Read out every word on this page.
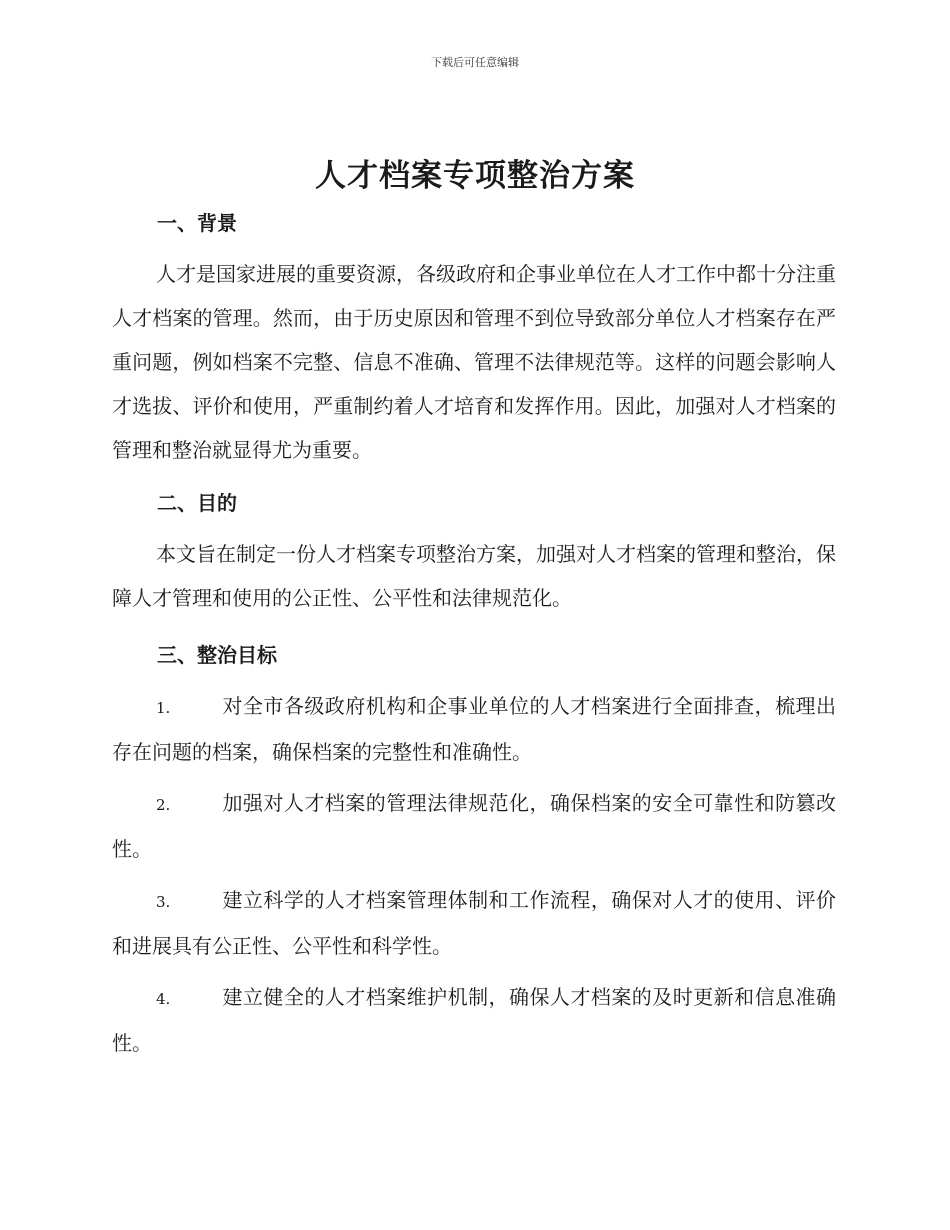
下载后可任意编辑
人才档案专项整治方案
一、背景
人才是国家进展的重要资源，各级政府和企事业单位在人才工作中都十分注重人才档案的管理。然而，由于历史原因和管理不到位导致部分单位人才档案存在严重问题，例如档案不完整、信息不准确、管理不法律规范等。这样的问题会影响人才选拔、评价和使用，严重制约着人才培育和发挥作用。因此，加强对人才档案的管理和整治就显得尤为重要。
二、目的
本文旨在制定一份人才档案专项整治方案，加强对人才档案的管理和整治，保障人才管理和使用的公正性、公平性和法律规范化。
三、整治目标
1.	对全市各级政府机构和企事业单位的人才档案进行全面排查，梳理出存在问题的档案，确保档案的完整性和准确性。
2.	加强对人才档案的管理法律规范化，确保档案的安全可靠性和防篡改性。
3.	建立科学的人才档案管理体制和工作流程，确保对人才的使用、评价和进展具有公正性、公平性和科学性。
4.	建立健全的人才档案维护机制，确保人才档案的及时更新和信息准确性。
